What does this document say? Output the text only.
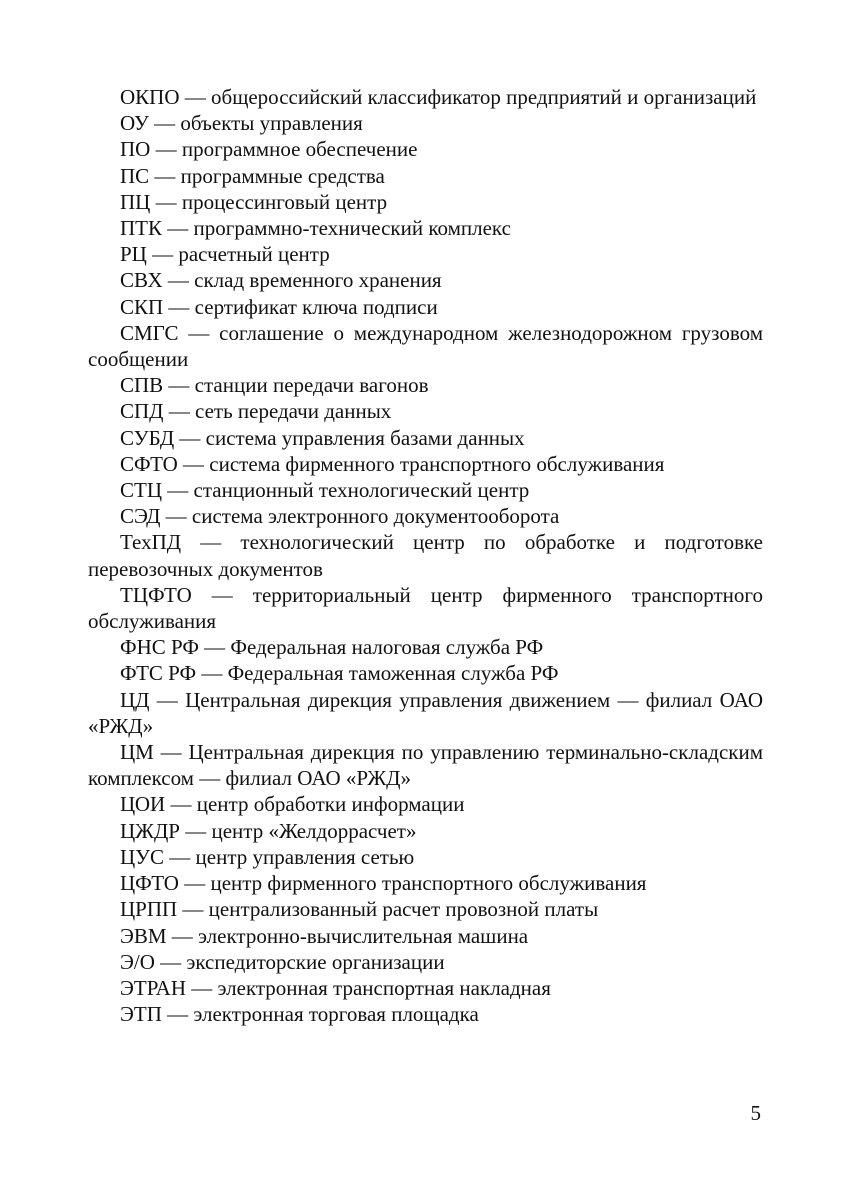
ОКПО — общероссийский классификатор предприятий и организаций

ОУ — объекты управления

ПО — программное обеспечение

ПС — программные средства

ПЦ — процессинговый центр

ПТК — программно-технический комплекс

РЦ — расчетный центр

СВХ — склад временного хранения

СКП — сертификат ключа подписи

СМГС — соглашение о международном железнодорожном грузовом сообщении

СПВ — станции передачи вагонов

СПД — сеть передачи данных

СУБД — система управления базами данных

СФТО — система фирменного транспортного обслуживания

СТЦ — станционный технологический центр

СЭД — система электронного документооборота

ТехПД — технологический центр по обработке и подготовке перевозочных документов

ТЦФТО — территориальный центр фирменного транспортного обслуживания

ФНС РФ — Федеральная налоговая служба РФ

ФТС РФ — Федеральная таможенная служба РФ

ЦД — Центральная дирекция управления движением — филиал ОАО «РЖД»

ЦМ — Центральная дирекция по управлению терминально-складским комплексом — филиал ОАО «РЖД»

ЦОИ — центр обработки информации

ЦЖДР — центр «Желдоррасчет»

ЦУС — центр управления сетью

ЦФТО — центр фирменного транспортного обслуживания

ЦРПП — централизованный расчет провозной платы

ЭВМ — электронно-вычислительная машина

Э/О — экспедиторские организации

ЭТРАН — электронная транспортная накладная

ЭТП — электронная торговая площадка

5
